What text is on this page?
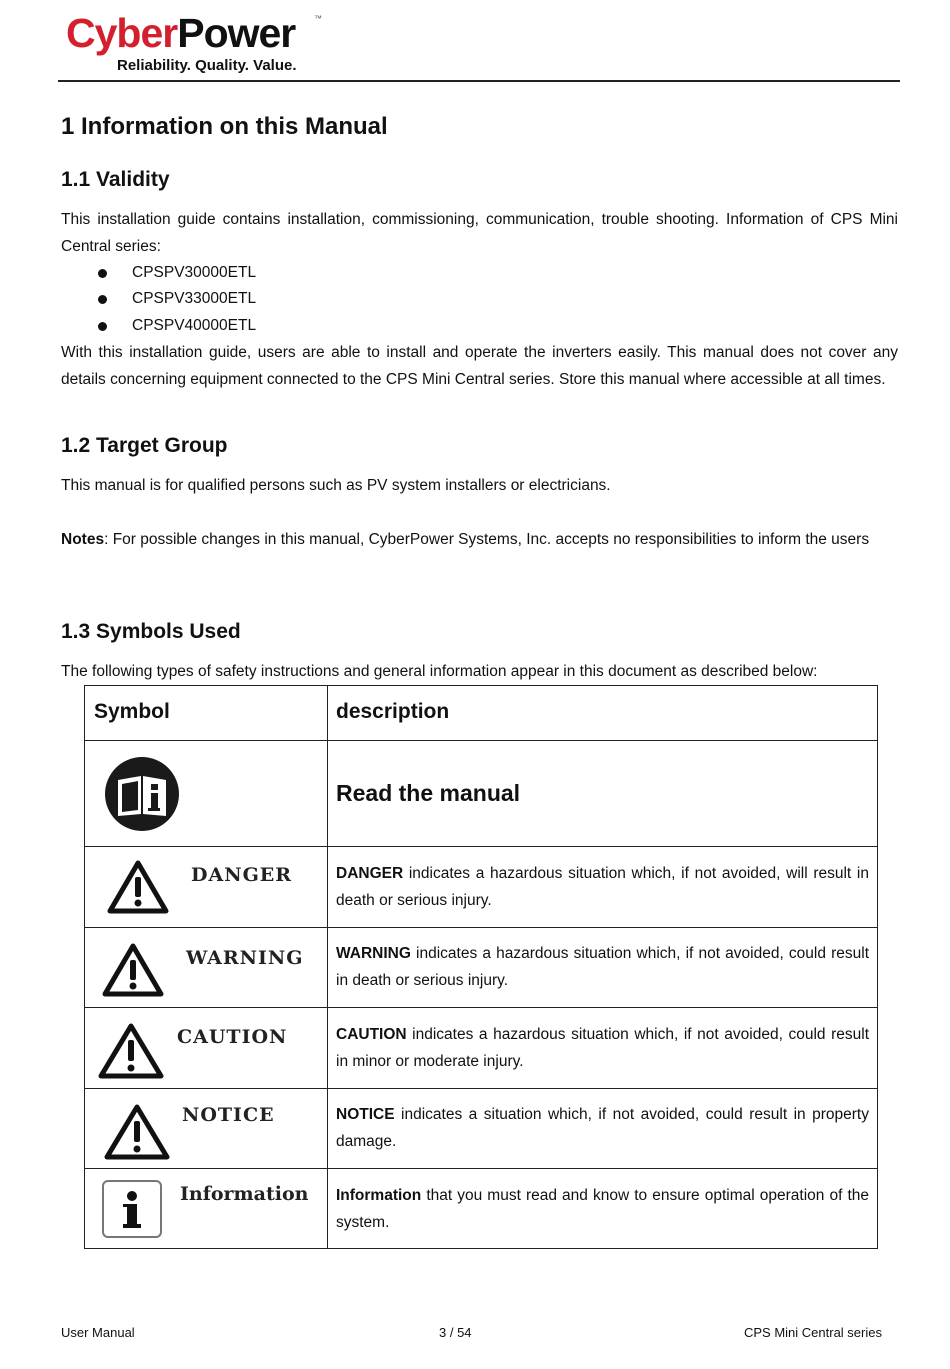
CyberPower ™
Reliability. Quality. Value.
1 Information on this Manual
1.1 Validity
This installation guide contains installation, commissioning, communication, trouble shooting. Information of CPS Mini Central series:
CPSPV30000ETL
CPSPV33000ETL
CPSPV40000ETL
With this installation guide, users are able to install and operate the inverters easily. This manual does not cover any details concerning equipment connected to the CPS Mini Central series. Store this manual where accessible at all times.
1.2 Target Group
This manual is for qualified persons such as PV system installers or electricians.
Notes: For possible changes in this manual, CyberPower Systems, Inc. accepts no responsibilities to inform the users
1.3 Symbols Used
The following types of safety instructions and general information appear in this document as described below:
Symbol	description
Read the manual
DANGER	DANGER indicates a hazardous situation which, if not avoided, will result in death or serious injury.
WARNING WARNING indicates a hazardous situation which, if not avoided, could result in death or serious injury.
CAUTION	CAUTION indicates a hazardous situation which, if not avoided, could result in minor or moderate injury.
NOTICE	NOTICE indicates a situation which, if not avoided, could result in property damage.
Information Information that you must read and know to ensure optimal operation of the system.
User Manual	3 / 54	CPS Mini Central series
